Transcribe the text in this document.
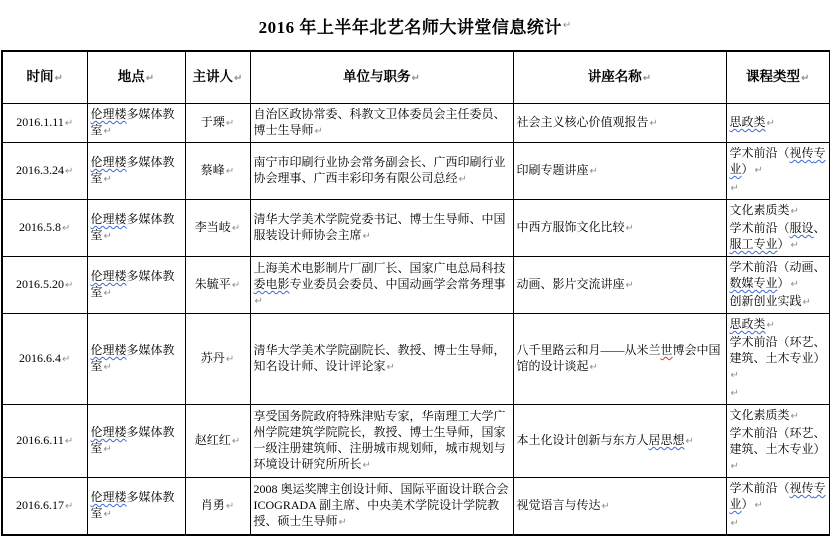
2016 年上半年北艺名师大讲堂信息统计 ↵
时间↵	地点↵	主讲人↵	单位与职务↵	讲座名称↵	课程类型↵

2016.1.11↵	伦理楼多媒体教室↵	于瑮↵	自治区政协常委、科教文卫体委员会主任委员、博士生导师↵	社会主义核心价值观报告↵	思政类↵

2016.3.24↵	伦理楼多媒体教室↵	蔡峰↵	南宁市印刷行业协会常务副会长、广西印刷行业协会理事、广西丰彩印务有限公司总经↵	印刷专题讲座↵	学术前沿（视传专业）↵
↵

2016.5.8↵	伦理楼多媒体教室↵	李当岐↵	清华大学美术学院党委书记、博士生导师、中国服装设计师协会主席↵	中西方服饰文化比较↵	文化素质类↵
学术前沿（服设、服工专业）↵

2016.5.20↵	伦理楼多媒体教室↵	朱毓平↵	上海美术电影制片厂副厂长、国家广电总局科技委电影专业委员会委员、中国动画学会常务理事↵	动画、影片交流讲座↵	学术前沿（动画、数媒专业）↵
创新创业实践↵

2016.6.4↵	伦理楼多媒体教室↵	苏丹↵	清华大学美术学院副院长、教授、博士生导师，知名设计师、设计评论家↵	八千里路云和月——从米兰世博会中国馆的设计谈起↵	思政类↵
学术前沿（环艺、建筑、土木专业）↵
↵

2016.6.11↵	伦理楼多媒体教室↵	赵红红↵	享受国务院政府特殊津贴专家，华南理工大学广州学院建筑学院院长，教授、博士生导师，国家一级注册建筑师、注册城市规划师，城市规划与环境设计研究所所长↵	本土化设计创新与东方人居思想↵	文化素质类↵
学术前沿（环艺、建筑、土木专业）↵

2016.6.17↵	伦理楼多媒体教室↵	肖勇↵	2008 奥运奖牌主创设计师、国际平面设计联合会 ICOGRADA 副主席、中央美术学院设计学院教授、硕士生导师↵	视觉语言与传达↵	学术前沿（视传专业）↵
↵
